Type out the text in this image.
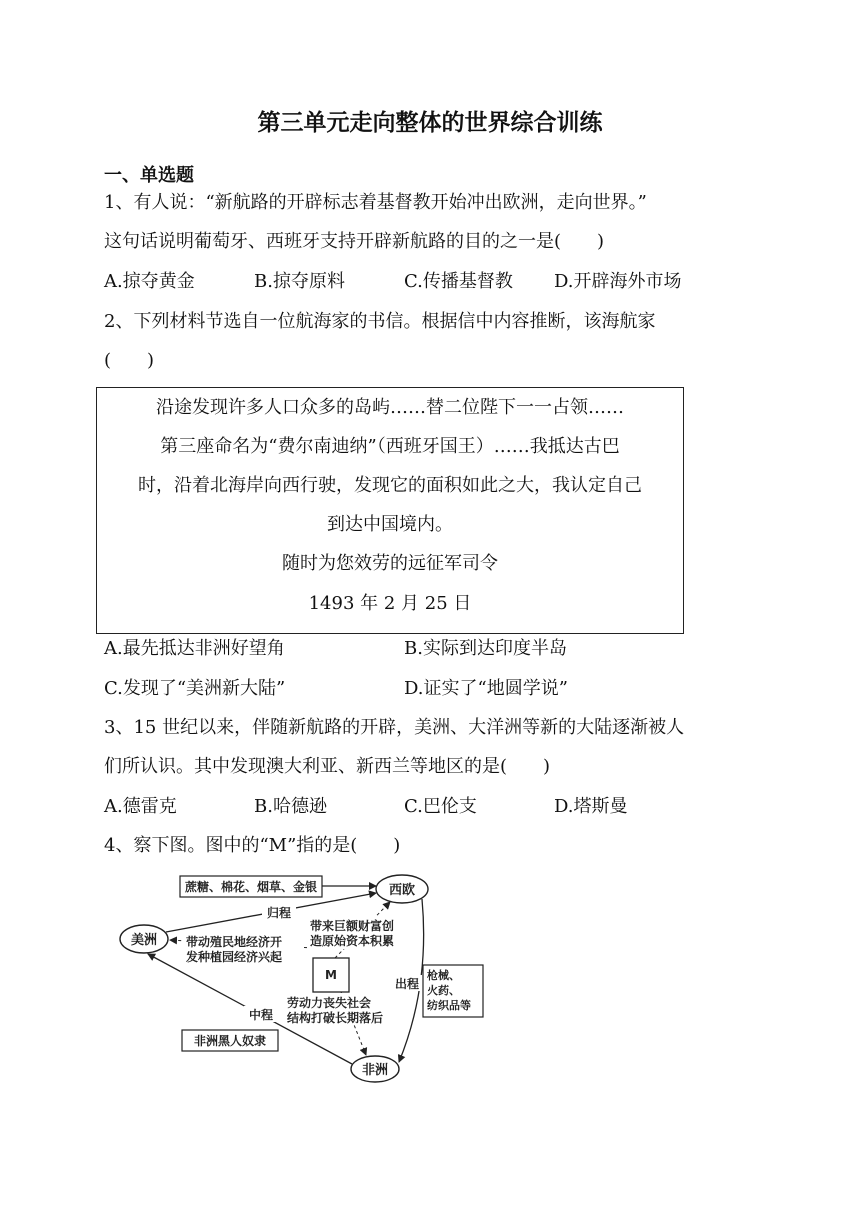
第三单元走向整体的世界综合训练
一、单选题
1、有人说：“新航路的开辟标志着基督教开始冲出欧洲，走向世界。”
这句话说明葡萄牙、西班牙支持开辟新航路的目的之一是(　　)
A.掠夺黄金	B.掠夺原料	C.传播基督教 D.开辟海外市场
2、下列材料节选自一位航海家的书信。根据信中内容推断，该海航家
(　　)
沿途发现许多人口众多的岛屿……替二位陛下一一占领……
第三座命名为“费尔南迪纳”（西班牙国王）……我抵达古巴
时，沿着北海岸向西行驶，发现它的面积如此之大，我认定自己
到达中国境内。
随时为您效劳的远征军司令
1493 年 2 月 25 日
A.最先抵达非洲好望角	B.实际到达印度半岛
C.发现了“美洲新大陆”	D.证实了“地圆学说”
3、15 世纪以来，伴随新航路的开辟，美洲、大洋洲等新的大陆逐渐被人
们所认识。其中发现澳大利亚、新西兰等地区的是(　　)
A.德雷克	B.哈德逊	C.巴伦支	D.塔斯曼
4、察下图。图中的“M”指的是(　　)
蔗糖、棉花、烟草、金银	西欧
美洲
非洲
归程
出程
中程
M
带来巨额财富创
造原始资本积累
带动殖民地经济开
发种植园经济兴起
劳动力丧失社会
结构打破长期落后
枪械、
火药、
纺织品等
非洲黑人奴隶
